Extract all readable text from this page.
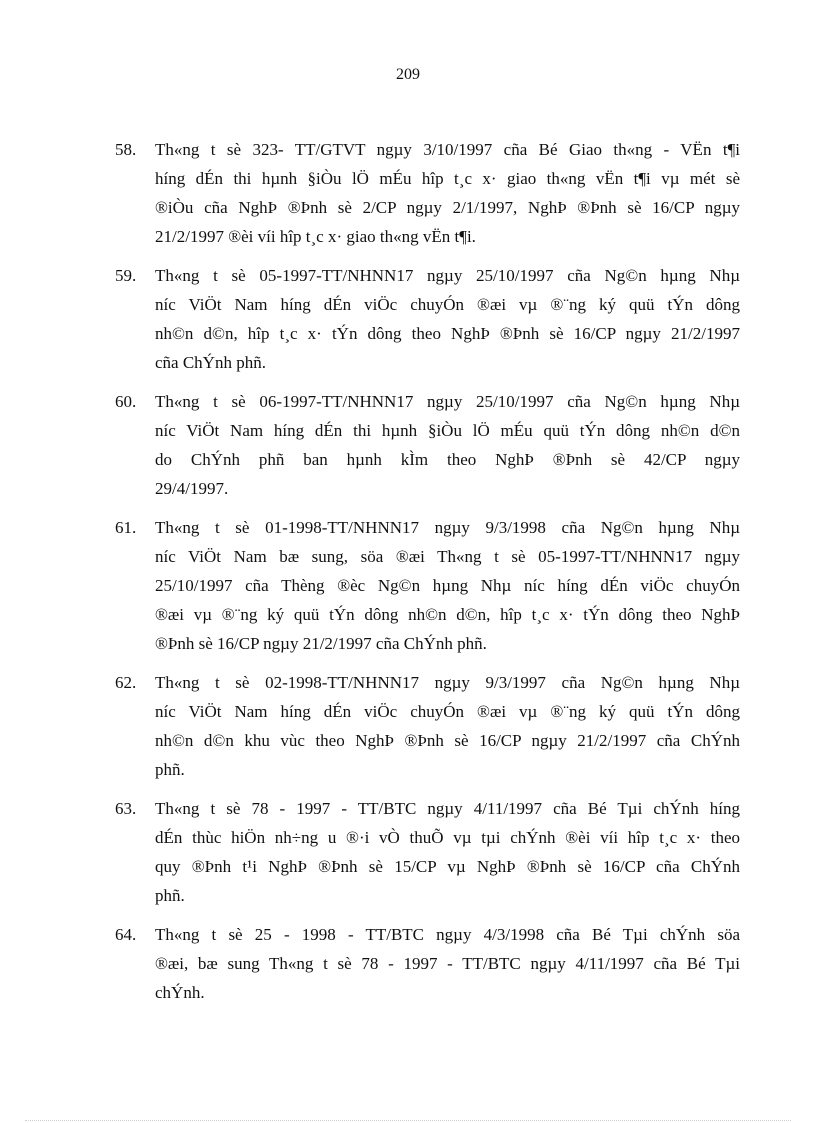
209
58.	Th«ng t sè 323- TT/GTVT ngµy 3/10/1997 cña Bé Giao th«ng - VËn t¶i
híng dÉn thi hµnh §iÒu lÖ mÉu hîp t¸c x· giao th«ng vËn t¶i vµ mét sè
®iÒu cña NghÞ ®Þnh sè 2/CP ngµy 2/1/1997, NghÞ ®Þnh sè 16/CP ngµy
21/2/1997 ®èi víi hîp t¸c x· giao th«ng vËn t¶i.
59.	Th«ng t sè 05-1997-TT/NHNN17 ngµy 25/10/1997 cña Ng©n hµng Nhµ
níc ViÖt Nam híng dÉn viÖc chuyÓn ®æi vµ ®¨ng ký quü tÝn dông
nh©n d©n, hîp t¸c x· tÝn dông theo NghÞ ®Þnh sè 16/CP ngµy 21/2/1997
cña ChÝnh phñ.
60.	Th«ng t sè 06-1997-TT/NHNN17 ngµy 25/10/1997 cña Ng©n hµng Nhµ
níc ViÖt Nam híng dÉn thi hµnh §iÒu lÖ mÉu quü tÝn dông nh©n d©n
do ChÝnh phñ ban hµnh kÌm theo NghÞ ®Þnh sè 42/CP ngµy
29/4/1997.
61.	Th«ng t sè 01-1998-TT/NHNN17 ngµy 9/3/1998 cña Ng©n hµng Nhµ
níc ViÖt Nam bæ sung, söa ®æi Th«ng t sè 05-1997-TT/NHNN17 ngµy
25/10/1997 cña Thèng ®èc Ng©n hµng Nhµ níc híng dÉn viÖc chuyÓn
®æi vµ ®¨ng ký quü tÝn dông nh©n d©n, hîp t¸c x· tÝn dông theo NghÞ
®Þnh sè 16/CP ngµy 21/2/1997 cña ChÝnh phñ.
62.	Th«ng t sè 02-1998-TT/NHNN17 ngµy 9/3/1997 cña Ng©n hµng Nhµ
níc ViÖt Nam híng dÉn viÖc chuyÓn ®æi vµ ®¨ng ký quü tÝn dông
nh©n d©n khu vùc theo NghÞ ®Þnh sè 16/CP ngµy 21/2/1997 cña ChÝnh
phñ.
63.	Th«ng t sè 78 - 1997 - TT/BTC ngµy 4/11/1997 cña Bé Tµi chÝnh híng
dÉn thùc hiÖn nh÷ng u ®·i vÒ thuÕ vµ tµi chÝnh ®èi víi hîp t¸c x· theo
quy ®Þnh t¹i NghÞ ®Þnh sè 15/CP vµ NghÞ ®Þnh sè 16/CP cña ChÝnh
phñ.
64.	Th«ng t sè 25 - 1998 - TT/BTC ngµy 4/3/1998 cña Bé Tµi chÝnh söa
®æi, bæ sung Th«ng t sè 78 - 1997 - TT/BTC ngµy 4/11/1997 cña Bé Tµi
chÝnh.
